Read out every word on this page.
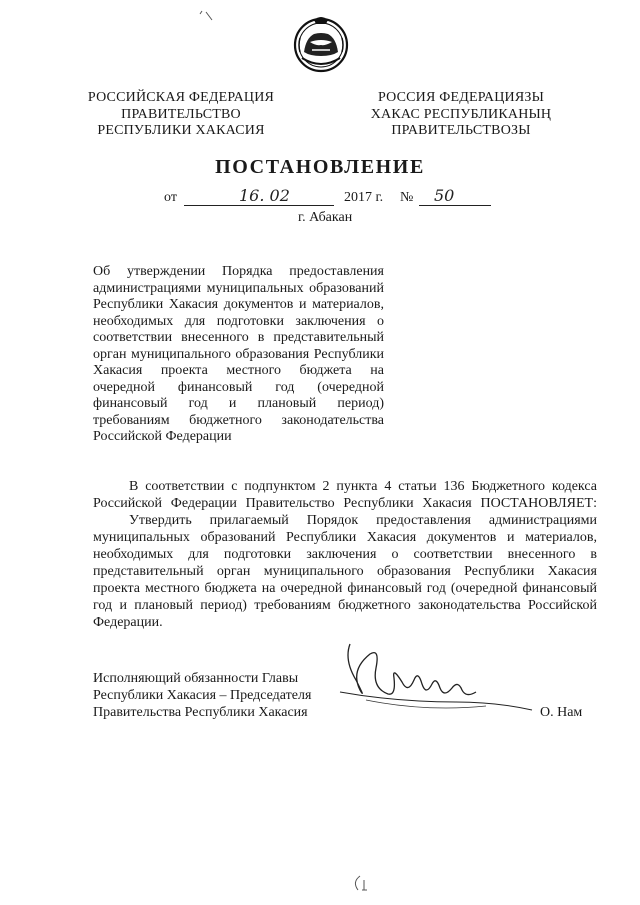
РОССИЙСКАЯ ФЕДЕРАЦИЯ
ПРАВИТЕЛЬСТВО
РЕСПУБЛИКИ ХАКАСИЯ
РОССИЯ ФЕДЕРАЦИЯЗЫ
ХАКАС РЕСПУБЛИКАНЫҢ
ПРАВИТЕЛЬСТВОЗЫ
ПОСТАНОВЛЕНИЕ
от	16. 02	2017 г. № 50
г. Абакан
Об утверждении Порядка предоставления
администрациями муниципальных образований
Республики Хакасия документов и материалов,
необходимых для подготовки заключения о
соответствии внесенного в представительный
орган муниципального образования Республики
Хакасия проекта местного бюджета на
очередной финансовый год (очередной
финансовый год и плановый период)
требованиям бюджетного законодательства
Российской Федерации
В соответствии с подпунктом 2 пункта 4 статьи 136 Бюджетного кодекса
Российской Федерации Правительство Республики Хакасия ПОСТАНОВЛЯЕТ:
Утвердить прилагаемый Порядок предоставления администрациями
муниципальных образований Республики Хакасия документов и материалов,
необходимых для подготовки заключения о соответствии внесенного в
представительный орган муниципального образования Республики Хакасия
проекта местного бюджета на очередной финансовый год (очередной финансовый
год и плановый период) требованиям бюджетного законодательства Российской
Федерации.
Исполняющий обязанности Главы
Республики Хакасия – Председателя
Правительства Республики Хакасия	О. Нам
